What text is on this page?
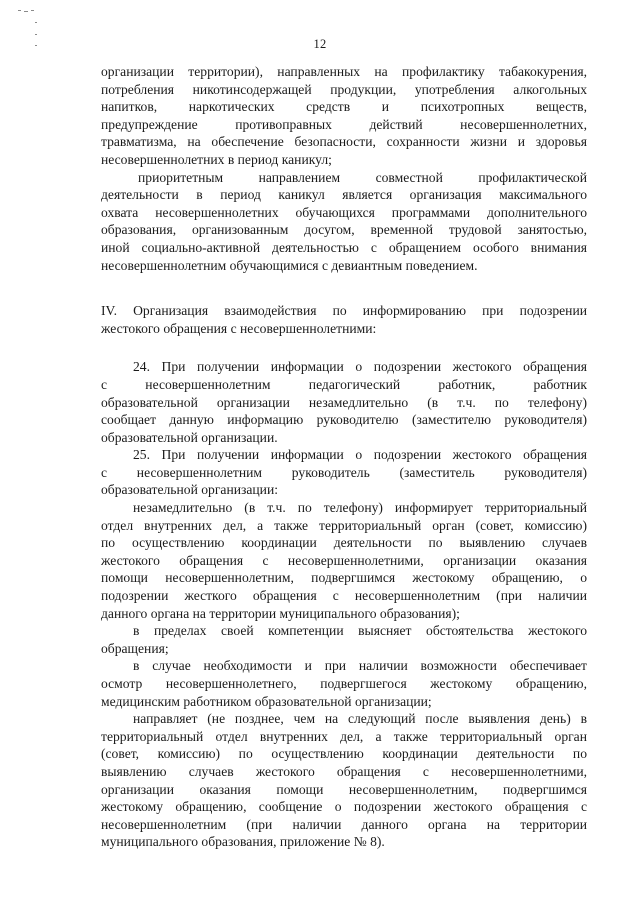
12
организации территории), направленных на профилактику табакокурения,
потребления никотинсодержащей продукции, употребления алкогольных
напитков, наркотических средств и психотропных веществ,
предупреждение противоправных действий несовершеннолетних,
травматизма, на обеспечение безопасности, сохранности жизни и здоровья
несовершеннолетних в период каникул;
приоритетным направлением совместной профилактической
деятельности в период каникул является организация максимального
охвата несовершеннолетних обучающихся программами дополнительного
образования, организованным досугом, временной трудовой занятостью,
иной социально-активной деятельностью с обращением особого внимания
несовершеннолетним обучающимися с девиантным поведением.
IV. Организация взаимодействия по информированию при подозрении
жестокого обращения с несовершеннолетними:
24. При получении информации о подозрении жестокого обращения
с несовершеннолетним педагогический работник, работник
образовательной организации незамедлительно (в т.ч. по телефону)
сообщает данную информацию руководителю (заместителю руководителя)
образовательной организации.
25. При получении информации о подозрении жестокого обращения
с несовершеннолетним руководитель (заместитель руководителя)
образовательной организации:
незамедлительно (в т.ч. по телефону) информирует территориальный
отдел внутренних дел, а также территориальный орган (совет, комиссию)
по осуществлению координации деятельности по выявлению случаев
жестокого обращения с несовершеннолетними, организации оказания
помощи несовершеннолетним, подвергшимся жестокому обращению, о
подозрении жесткого обращения с несовершеннолетним (при наличии
данного органа на территории муниципального образования);
в пределах своей компетенции выясняет обстоятельства жестокого
обращения;
в случае необходимости и при наличии возможности обеспечивает
осмотр несовершеннолетнего, подвергшегося жестокому обращению,
медицинским работником образовательной организации;
направляет (не позднее, чем на следующий после выявления день) в
территориальный отдел внутренних дел, а также территориальный орган
(совет, комиссию) по осуществлению координации деятельности по
выявлению случаев жестокого обращения с несовершеннолетними,
организации оказания помощи несовершеннолетним, подвергшимся
жестокому обращению, сообщение о подозрении жестокого обращения с
несовершеннолетним (при наличии данного органа на территории
муниципального образования, приложение № 8).
